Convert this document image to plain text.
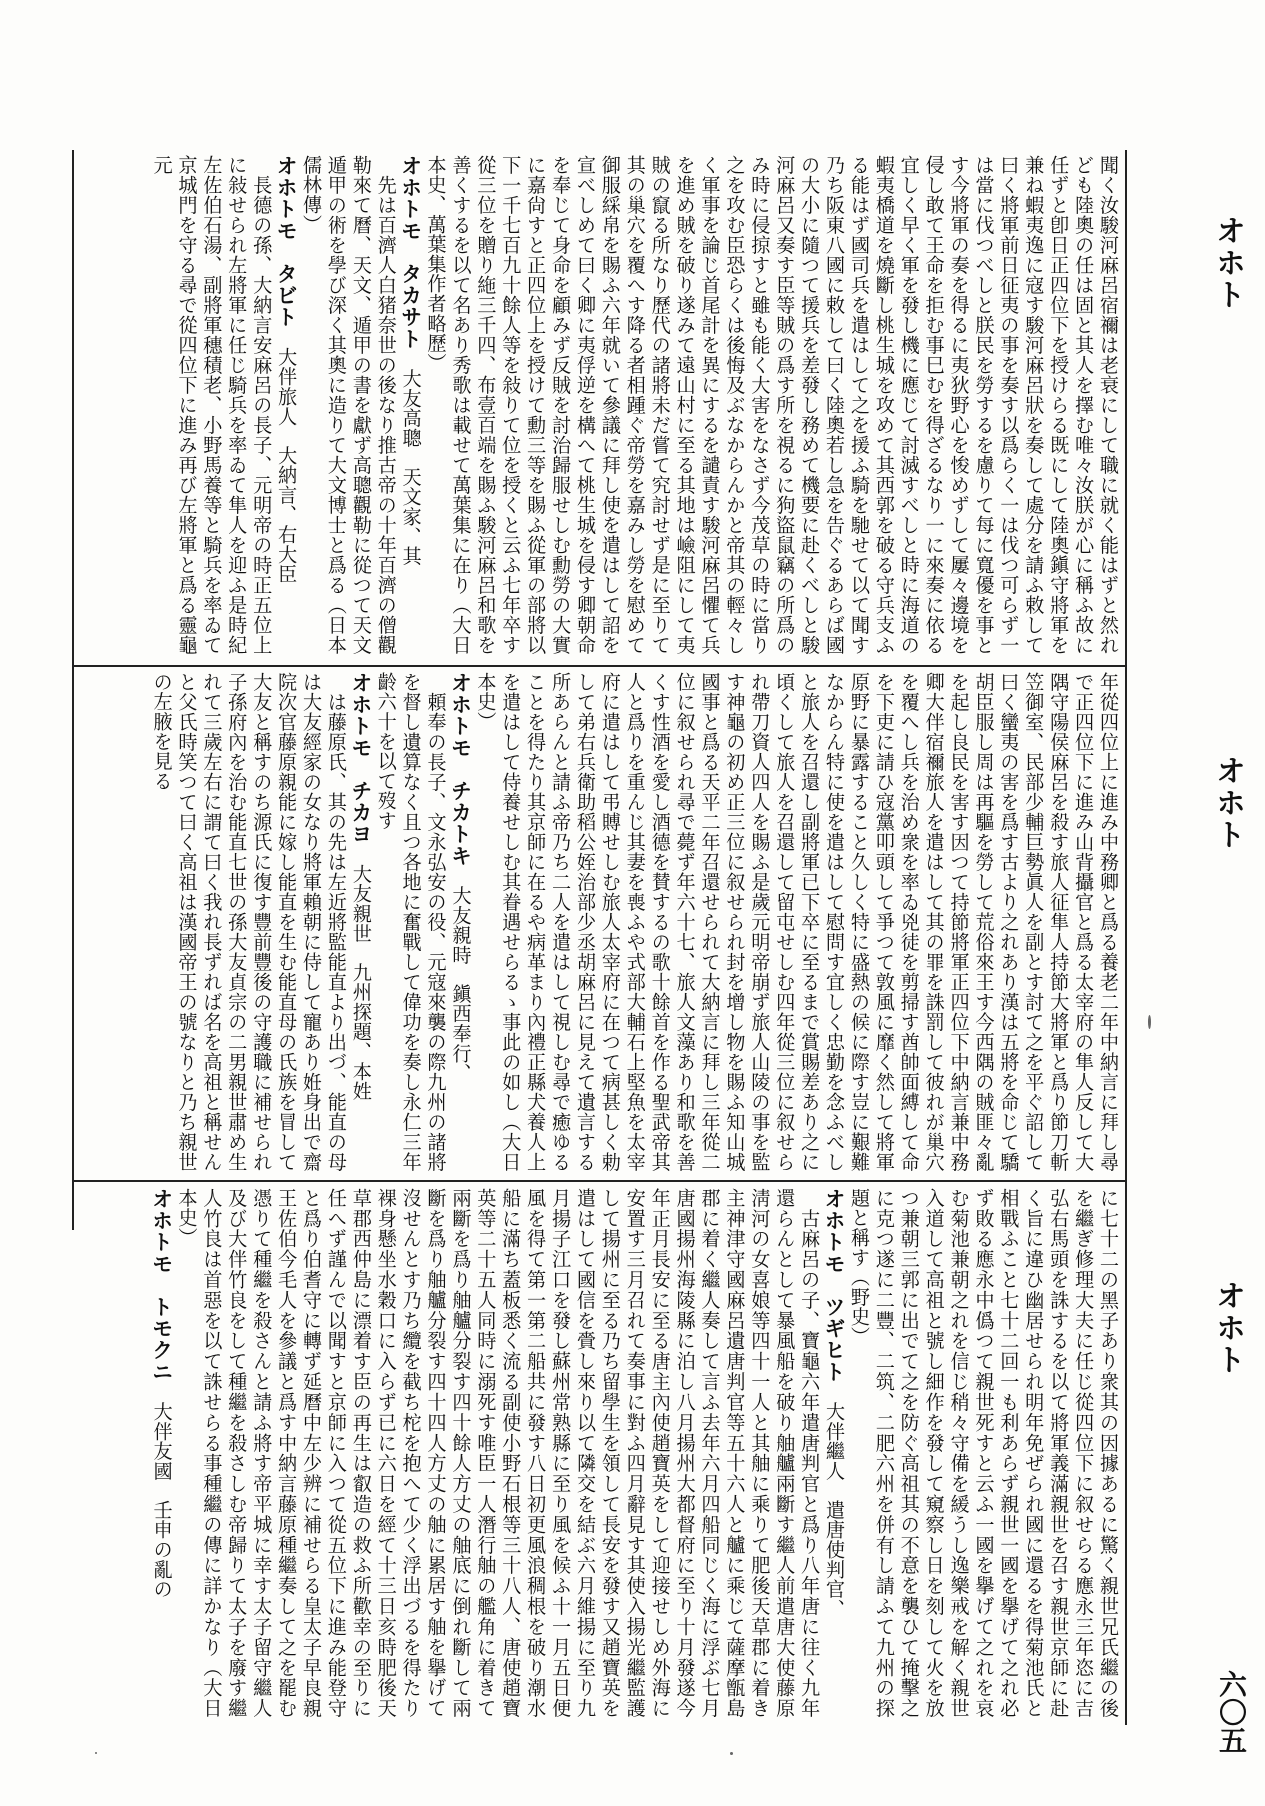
オホト
オホト
オホト
六〇五

聞く汝駿河麻呂宿禰は老衰にして職に就く能はずと然れども陸奧の任は固と其人を擇む唯々汝朕が心に稱ふ故に任ずと卽日正四位下を授けらる既にして陸奧鎭守將軍を兼ね蝦夷逸に寇す駿河麻呂狀を奏して處分を請ふ敕して曰く將軍前日征夷の事を奏す以爲らく一は伐つ可らず一は當に伐つべしと朕民を勞するを慮りて每に寬優を事とす今將軍の奏を得るに夷狄野心を悛めずして屢々邊境を侵し敢て王命を拒む事巳むを得ざるなり一に來奏に依る宜しく早く軍を發し機に應じて討滅すべしと時に海道の蝦夷橋道を燒斷し桃生城を攻めて其西郭を破る守兵支ふる能はず國司兵を遣はして之を援ふ騎を馳せて以て聞す乃ち阪東八國に敕して曰く陸奧若し急を告ぐるあらば國の大小に隨つて援兵を差發し務めて機要に赴くべしと駿河麻呂又奏す臣等賊の爲す所を視るに狗盜鼠竊の所爲のみ時に侵掠すと雖も能く大害をなさず今茂草の時に當り之を攻む臣恐らくは後悔及ぶなからんかと帝其の輕々しく軍事を論じ首尾計を異にするを譴責す駿河麻呂懼て兵を進め賊を破り遂みて遠山村に至る其地は嶮阻にして夷賊の竄る所なり歷代の諸將未だ嘗て究討せず是に至りて其の巢穴を覆へす降る者相踵ぐ帝勞を嘉みし勞を慰めて御服綵帛を賜ふ六年就いて參議に拜し使を遣はして詔を宣べしめて曰く卿に夷俘逆を構へて桃生城を侵す卿朝命を奉じて身命を顧みず反賊を討治歸服せしむ勳勞の大實に嘉尙すと正四位上を授けて勳三等を賜ふ從軍の部將以下一千七百九十餘人等を敍りて位を授くと云ふ七年卒す從三位を贈り絁三千四、布壹百端を賜ふ駿河麻呂和歌を善くするを以て名あり秀歌は載せて萬葉集に在り（大日本史、萬葉集作者略歷）

オホトモ　タカサト大友高聰天文家、其

　先は百濟人白猪奈世の後なり推古帝の十年百濟の僧觀勒來て曆、天文、遁甲の書を獻ず高聰觀勒に從つて天文遁甲の術を學び深く其奧に造りて大文博士と爲る（日本儒林傳）

オホトモ　タビト大伴旅人大納言、右大臣

　長德の孫、大納言安麻呂の長子、元明帝の時正五位上に敍せられ左將軍に任じ騎兵を率ゐて隼人を迎ふ是時紀左佐伯石湯、副將軍穗積老、小野馬養等と騎兵を率ゐて京城門を守る尋で從四位下に進み再び左將軍と爲る靈龜元

年從四位上に進み中務卿と爲る養老二年中納言に拜し尋で正四位下に進み山背攝官と爲る太宰府の隼人反して大隅守陽侯麻呂を殺す旅人征隼人持節大將軍と爲り節刀斬笠御室、民部少輔巨勢眞人を副とす討て之を平ぐ詔して曰く蠻夷の害を爲す古より之れあり漢は五將を命じて驕胡臣服し周は再驅を勞して荒俗來王す今西隅の賊匪々亂を起し良民を害す因つて持節將軍正四位下中納言兼中務卿大伴宿禰旅人を遣はして其の罪を誅罰して彼れが巢穴を覆へし兵を治め衆を率ゐ兇徒を剪掃す酋帥面縛して命を下吏に請ひ寇黨叩頭して爭つて敦風に靡く然して將軍原野に暴露すること久しく特に盛熱の候に際す豈に艱難なからん特に使を遣はして慰問す宜しく忠勤を念ふべしと旅人を召還し副將軍已下卒に至るまで賞賜差あり之に頃くして旅人を召還して留屯せしむ四年從三位に叙せられ帶刀資人四人を賜ふ是歲元明帝崩ず旅人山陵の事を監す神龜の初め正三位に叙せられ封を增し物を賜ふ知山城國事と爲る天平二年召還せられて大納言に拜し三年從二位に叙せられ尋で薨ず年六十七、旅人文藻あり和歌を善くす性酒を愛し酒德を賛するの歌十餘首を作る聖武帝其人と爲りを重んじ其妻を喪ふや式部大輔石上堅魚を太宰府に遣はして弔賻せしむ旅人太宰府に在つて病甚しく勅して弟右兵衛助稻公姪治部少丞胡麻呂に見えて遺言する所あらんと請ふ帝乃ち二人を遣はして視しむ尋で癒ゆることを得たり其京師に在るや病革まり內禮正縣犬養人上を遣はして侍養せしむ其眷遇せらるゝ事此の如し（大日本史）

オホトモ　チカトキ大友親時鎭西奉行、

　頼奉の長子、文永弘安の役、元寇來襲の際九州の諸將を督し遺算なく且つ各地に奮戰して偉功を奏し永仁三年齡六十を以て歿す

オホトモ　チカヨ大友親世九州探題、本姓

　は藤原氏、其の先は左近將監能直より出づ、能直の母は大友經家の女なり將軍賴朝に侍して寵あり姙身出で齋院次官藤原親能に嫁し能直を生む能直母の氏族を冒して大友と稱すのち源氏に復す豐前豐後の守護職に補せられ子孫府內を治む能直七世の孫大友貞宗の二男親世肅め生れて三歲左右に謂て曰く我れ長ずれば名を高祖と稱せんと父氏時笑つて曰く高祖は漢國帝王の號なりと乃ち親世の左腋を見る

に七十二の黑子あり衆其の因據あるに驚く親世兄氏繼の後を繼ぎ修理大夫に任じ從四位下に叙せらる應永三年恣に吉弘右馬頭を誅するを以て將軍義滿親世を召す親世京師に赴く旨に違ひ幽居せられ明年免ぜられ國に還るを得菊池氏と相戰ふこと七十二回一も利あらず親世一國を擧げて之れ必ず敗る應永中僞つて親世死すと云ふ一國を擧げて之れを哀む菊池兼朝之れを信じ稍々守備を緩うし逸樂戒を解く親世入道して高祖と號し細作を發して窺察し日を刻して火を放つ兼朝三郭に出でて之を防ぐ高祖其の不意を襲ひて掩擊之に克つ遂に二豐、二筑、二肥六州を併有し請ふて九州の探題と稱す（野史）

オホトモ　ツギヒト大伴繼人遣唐使判官、

　古麻呂の子、寶龜六年遣唐判官と爲り八年唐に往く九年還らんとして暴風船を破り舳艫兩斷す繼人前遣唐大使藤原淸河の女喜娘等四十一人と其舳に乘りて肥後天草郡に着き主神津守國麻呂遺唐判官等五十六人と艫に乘じて薩摩甑島郡に着く繼人奏して言ふ去年六月四船同じく海に浮ぶ七月唐國揚州海陵縣に泊し八月揚州大都督府に至り十月發遂今年正月長安に至る唐主內使趙寶英をして迎接せしめ外海に安置す三月召れて奏事に對ふ四月辭見す其使入揚光繼監護して揚州に至る乃ち留學生を領して長安を發す又趙寶英を遣はして國信を賫し來り以て隣交を結ぶ六月維揚に至り九月揚子江口を發し蘇州常熟縣に至り風を候ふ十一月五日便風を得て第一第二船共に發す八日初更風浪稠根を破り潮水船に滿ち蓋板悉く流る副使小野石根等三十八人、唐使趙寶英等二十五人同時に溺死す唯臣一人潛行舳の艦角に着きて兩斷を爲り舳艫分裂す四十餘人方丈の舳底に倒れ斷して兩斷を爲り舳艫分裂す四十四人方丈の舳に累居す舳を擧げて沒せんとす乃ち纜を截ち柁を抱へて少く浮出づるを得たり裸身懸坐水穀口に入らず已に六日を經て十三日亥時肥後天草郡西仲島に漂着す臣の再生は叡造の救ふ所歡幸の至りに任へず謹んで以聞すと京師に入つて從五位下に進み能登守と爲り伯耆守に轉ず延曆中左少辨に補せらる皇太子早良親王佐伯今毛人を參議と爲す中納言藤原種繼奏して之を罷む憑りて種繼を殺さんと請ふ將す帝平城に幸す太子留守繼人及び大伴竹良をして種繼を殺さしむ帝歸りて太子を廢す繼人竹良は首惡を以て誅せらる事種繼の傳に詳かなり（大日本史）

オホトモ　トモクニ大伴友國壬申の亂の
